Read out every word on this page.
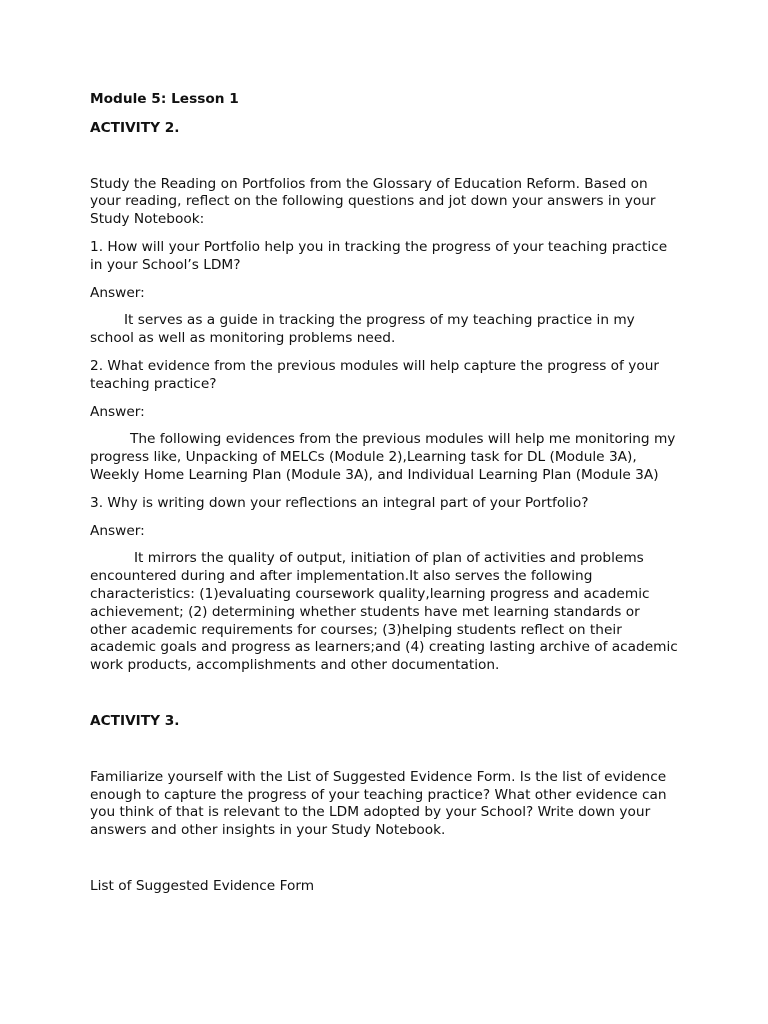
Module 5: Lesson 1

ACTIVITY 2.

Study the Reading on Portfolios from the Glossary of Education Reform. Based on your reading, reflect on the following questions and jot down your answers in your Study Notebook:

1. How will your Portfolio help you in tracking the progress of your teaching practice in your School’s LDM?

Answer:

It serves as a guide in tracking the progress of my teaching practice in my school as well as monitoring problems need.

2. What evidence from the previous modules will help capture the progress of your teaching practice?

Answer:

The following evidences from the previous modules will help me monitoring my progress like, Unpacking of MELCs (Module 2),Learning task for DL (Module 3A), Weekly Home Learning Plan (Module 3A), and Individual Learning Plan (Module 3A)

3. Why is writing down your reflections an integral part of your Portfolio?

Answer:

It mirrors the quality of output, initiation of plan of activities and problems encountered during and after implementation.It also serves the following characteristics: (1)evaluating coursework quality,learning progress and academic achievement; (2) determining whether students have met learning standards or other academic requirements for courses; (3)helping students reflect on their academic goals and progress as learners;and (4) creating lasting archive of academic work products, accomplishments and other documentation.

ACTIVITY 3.

Familiarize yourself with the List of Suggested Evidence Form. Is the list of evidence enough to capture the progress of your teaching practice? What other evidence can you think of that is relevant to the LDM adopted by your School? Write down your answers and other insights in your Study Notebook.

List of Suggested Evidence Form
